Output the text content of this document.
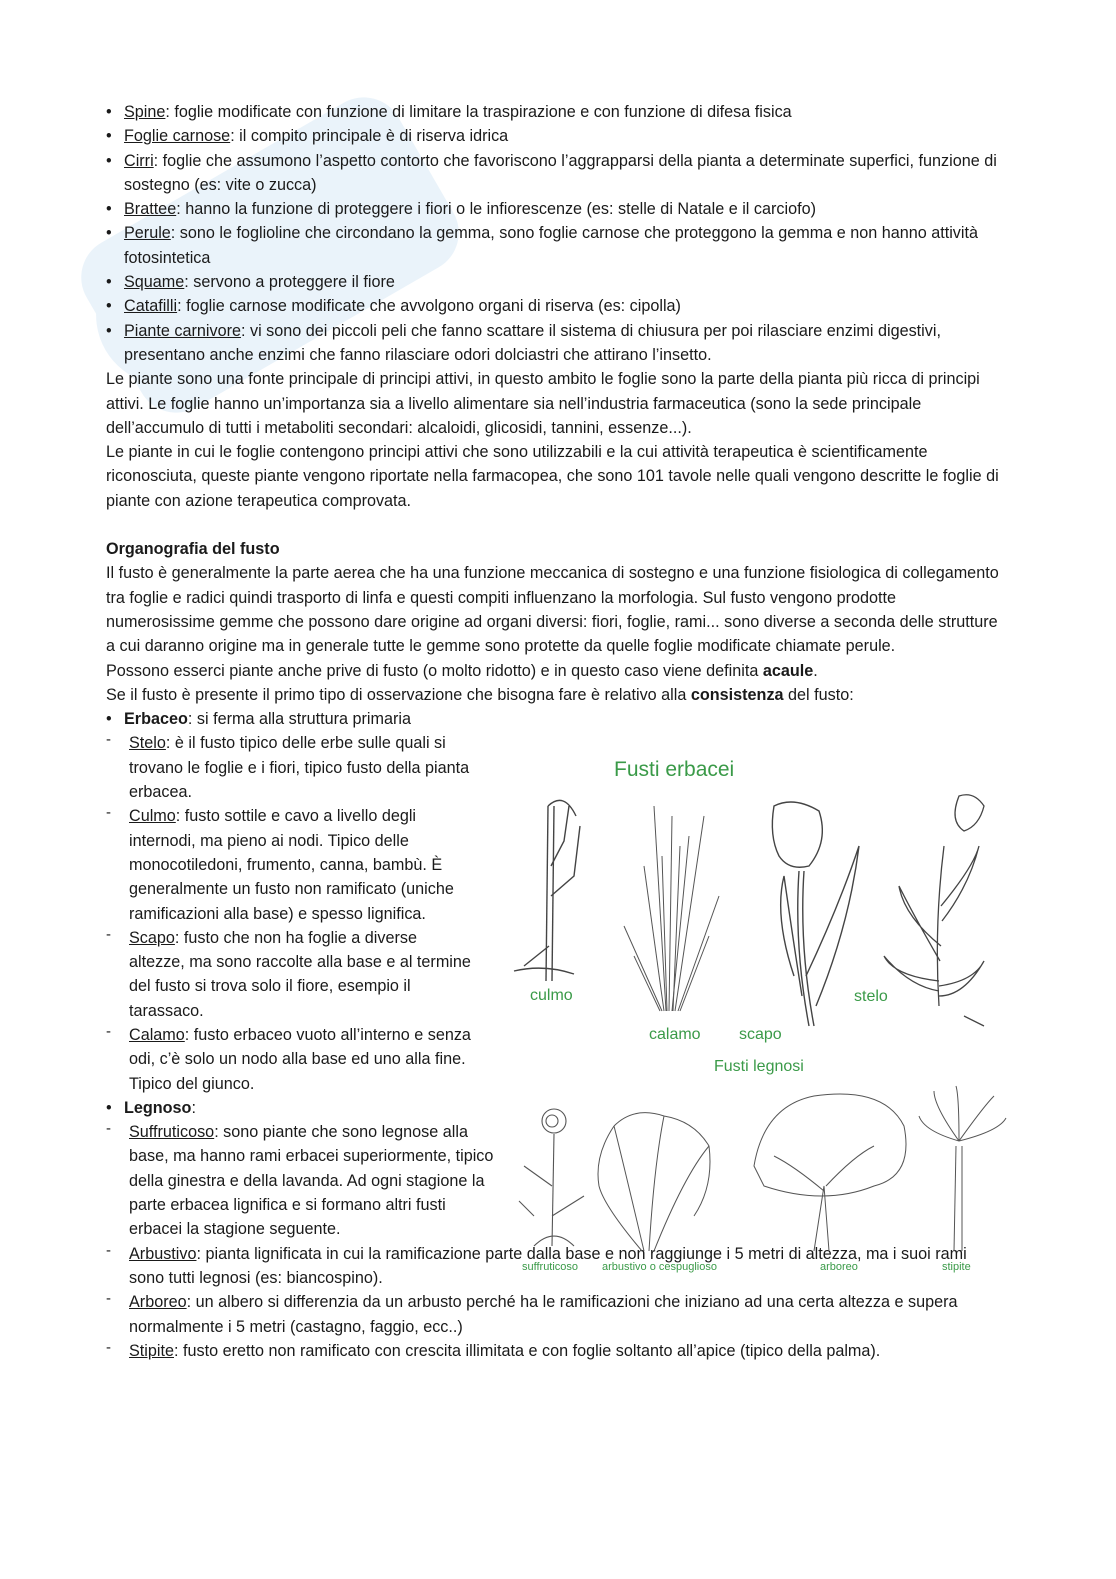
• Spine: foglie modificate con funzione di limitare la traspirazione e con funzione di difesa fisica
• Foglie carnose: il compito principale è di riserva idrica
• Cirri: foglie che assumono l’aspetto contorto che favoriscono l’aggrapparsi della pianta a determinate superfici, funzione di sostegno (es: vite o zucca)
• Brattee: hanno la funzione di proteggere i fiori o le infiorescenze (es: stelle di Natale e il carciofo)
• Perule: sono le foglioline che circondano la gemma, sono foglie carnose che proteggono la gemma e non hanno attività fotosintetica
• Squame: servono a proteggere il fiore
• Catafilli: foglie carnose modificate che avvolgono organi di riserva (es: cipolla)
• Piante carnivore: vi sono dei piccoli peli che fanno scattare il sistema di chiusura per poi rilasciare enzimi digestivi, presentano anche enzimi che fanno rilasciare odori dolciastri che attirano l’insetto.

Le piante sono una fonte principale di principi attivi, in questo ambito le foglie sono la parte della pianta più ricca di principi attivi. Le foglie hanno un’importanza sia a livello alimentare sia nell’industria farmaceutica (sono la sede principale dell’accumulo di tutti i metaboliti secondari: alcaloidi, glicosidi, tannini, essenze...).

Le piante in cui le foglie contengono principi attivi che sono utilizzabili e la cui attività terapeutica è scientificamente riconosciuta, queste piante vengono riportate nella farmacopea, che sono 101 tavole nelle quali vengono descritte le foglie di piante con azione terapeutica comprovata.

Organografia del fusto

Il fusto è generalmente la parte aerea che ha una funzione meccanica di sostegno e una funzione fisiologica di collegamento tra foglie e radici quindi trasporto di linfa e questi compiti influenzano la morfologia. Sul fusto vengono prodotte numerosissime gemme che possono dare origine ad organi diversi: fiori, foglie, rami... sono diverse a seconda delle strutture a cui daranno origine ma in generale tutte le gemme sono protette da quelle foglie modificate chiamate perule.

Possono esserci piante anche prive di fusto (o molto ridotto) e in questo caso viene definita acaule.

Se il fusto è presente il primo tipo di osservazione che bisogna fare è relativo alla consistenza del fusto:

• Erbaceo: si ferma alla struttura primaria
- Stelo: è il fusto tipico delle erbe sulle quali si trovano le foglie e i fiori, tipico fusto della pianta erbacea.
- Culmo: fusto sottile e cavo a livello degli internodi, ma pieno ai nodi. Tipico delle monocotiledoni, frumento, canna, bambù. È generalmente un fusto non ramificato (uniche ramificazioni alla base) e spesso lignifica.
- Scapo: fusto che non ha foglie a diverse altezze, ma sono raccolte alla base e al termine del fusto si trova solo il fiore, esempio il tarassaco.
- Calamo: fusto erbaceo vuoto all’interno e senza odi, c’è solo un nodo alla base ed uno alla fine. Tipico del giunco.
• Legnoso:
- Suffruticoso: sono piante che sono legnose alla base, ma hanno rami erbacei superiormente, tipico della ginestra e della lavanda. Ad ogni stagione la parte erbacea lignifica e si formano altri fusti erbacei la stagione seguente.
- Arbustivo: pianta lignificata in cui la ramificazione parte dalla base e non raggiunge i 5 metri di altezza, ma i suoi rami sono tutti legnosi (es: biancospino).
- Arboreo: un albero si differenzia da un arbusto perché ha le ramificazioni che iniziano ad una certa altezza e supera normalmente i 5 metri (castagno, faggio, ecc..)
- Stipite: fusto eretto non ramificato con crescita illimitata e con foglie soltanto all’apice (tipico della palma).
Fusti erbacei
culmo
calamo scapo
stelo
Fusti legnosi
suffruticoso arbustivo o cespuglioso	arboreo	stipite
